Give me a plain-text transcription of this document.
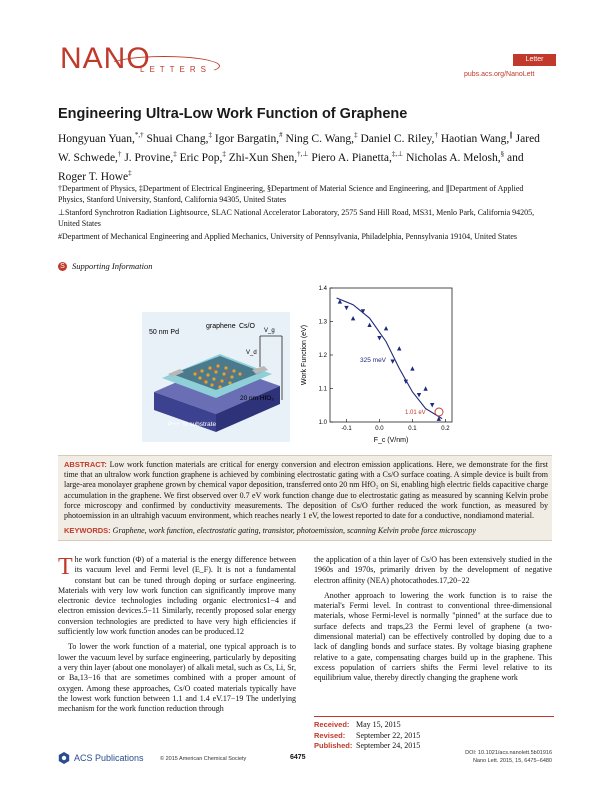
NANO
LETTERS
Letter
pubs.acs.org/NanoLett
Engineering Ultra-Low Work Function of Graphene
Hongyuan Yuan,*,† Shuai Chang,‡ Igor Bargatin,# Ning C. Wang,‡ Daniel C. Riley,† Haotian Wang,∥ Jared W. Schwede,† J. Provine,‡ Eric Pop,‡ Zhi-Xun Shen,†,⊥ Piero A. Pianetta,‡,⊥ Nicholas A. Melosh,§ and Roger T. Howe‡

†Department of Physics, ‡Department of Electrical Engineering, §Department of Material Science and Engineering, and ∥Department of Applied Physics, Stanford University, Stanford, California 94305, United States

⊥Stanford Synchrotron Radiation Lightsource, SLAC National Accelerator Laboratory, 2575 Sand Hill Road, MS31, Menlo Park, California 94205, United States

#Department of Mechanical Engineering and Applied Mechanics, University of Pennsylvania, Philadelphia, Pennsylvania 19104, United States

S Supporting Information
50 nm Pd
graphene Cs/O
20 nm HfO₂
P++ Si substrate
V_g
V_d
1.0
1.1
1.2
1.3
1.4
-0.1	0.0	0.1	0.2
325 meV
1.01 eV
F_c (V/nm)
Work Function (eV)
ABSTRACT: Low work function materials are critical for energy conversion and electron emission applications. Here, we demonstrate for the first time that an ultralow work function graphene is achieved by combining electrostatic gating with a Cs/O surface coating. A simple device is built from large-area monolayer graphene grown by chemical vapor deposition, transferred onto 20 nm HfO₂ on Si, enabling high electric fields capacitive charge accumulation in the graphene. We first observed over 0.7 eV work function change due to electrostatic gating as measured by scanning Kelvin probe force microscopy and confirmed by conductivity measurements. The deposition of Cs/O further reduced the work function, as measured by photoemission in an ultrahigh vacuum environment, which reaches nearly 1 eV, the lowest reported to date for a conductive, nondiamond material.
KEYWORDS: Graphene, work function, electrostatic gating, transistor, photoemission, scanning Kelvin probe force microscopy

The work function (Φ) of a material is the energy difference between its vacuum level and Fermi level (E_F). It is not a fundamental constant but can be tuned through doping or surface engineering. Materials with very low work function can significantly improve many electronic device technologies including organic electronics1−4 and electron emission devices.5−11 Similarly, recently proposed solar energy conversion technologies are predicted to have very high efficiencies if sufficiently low work function anodes can be produced.12

To lower the work function of a material, one typical approach is to lower the vacuum level by surface engineering, particularly by depositing a very thin layer (about one monolayer) of alkali metal, such as Cs, Li, Sr, or Ba,13−16 that are sometimes combined with a proper amount of oxygen. Among these approaches, Cs/O coated materials typically have the lowest work function between 1.1 and 1.4 eV.17−19 The underlying mechanism for the work function reduction through

the application of a thin layer of Cs/O has been extensively studied in the 1960s and 1970s, primarily driven by the development of negative electron affinity (NEA) photocathodes.17,20−22

Another approach to lowering the work function is to raise the material's Fermi level. In contrast to conventional three-dimensional materials, whose Fermi-level is normally "pinned" at the surface due to surface defects and traps,23 the Fermi level of graphene (a two-dimensional material) can be effectively controlled by doping due to a lack of dangling bonds and surface states. By voltage biasing graphene relative to a gate, compensating charges build up in the graphene. This excess population of carriers shifts the Fermi level relative to its equilibrium value, thereby directly changing the graphene work

Received: May 15, 2015
Revised: September 22, 2015
Published: September 24, 2015
ACS Publications	© 2015 American Chemical Society	6475
DOI: 10.1021/acs.nanolett.5b01916
Nano Lett. 2015, 15, 6475−6480
